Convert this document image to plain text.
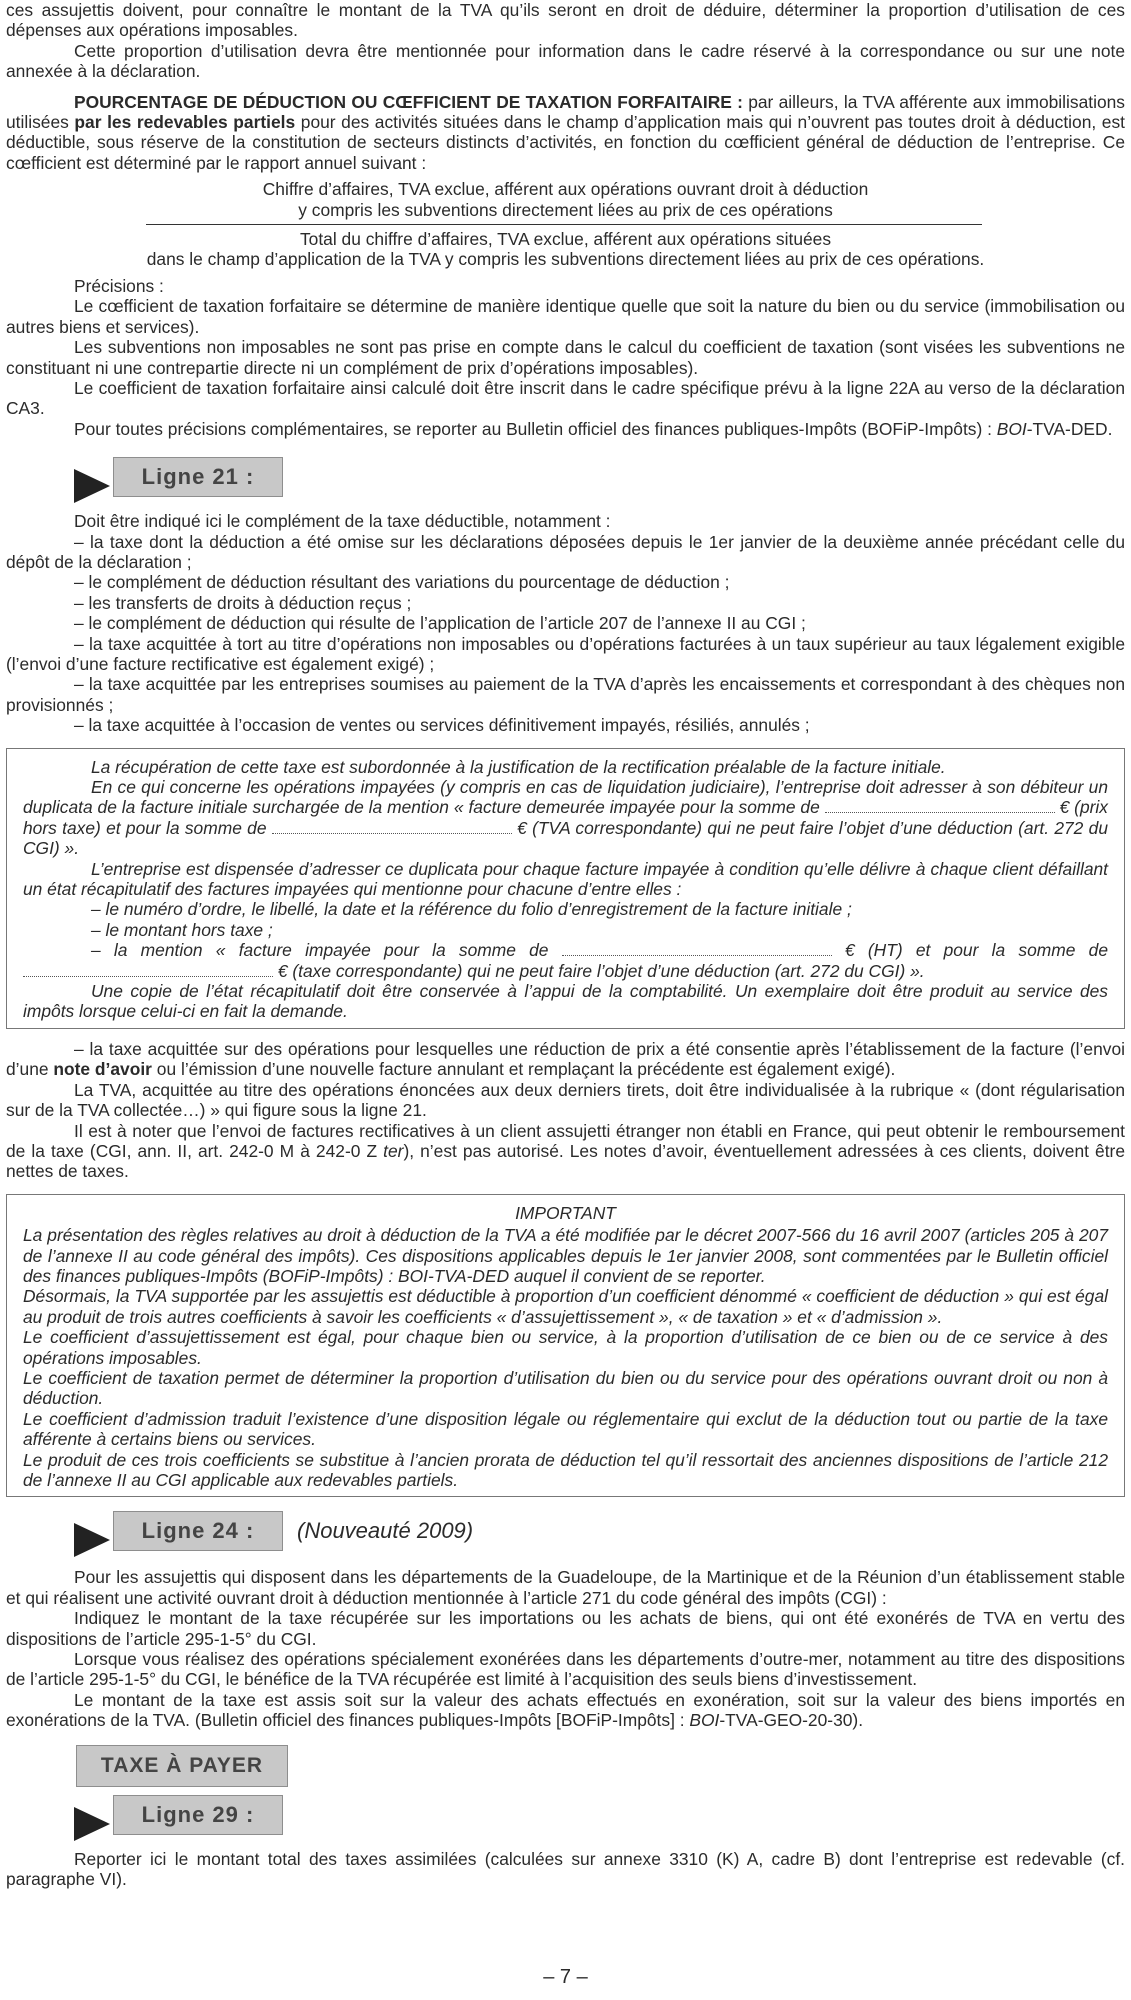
ces assujettis doivent, pour connaître le montant de la TVA qu’ils seront en droit de déduire, déterminer la proportion d’utilisation de ces dépenses aux opérations imposables.

Cette proportion d’utilisation devra être mentionnée pour information dans le cadre réservé à la correspondance ou sur une note annexée à la déclaration.

POURCENTAGE DE DÉDUCTION OU CŒFFICIENT DE TAXATION FORFAITAIRE : par ailleurs, la TVA afférente aux immobilisations utilisées par les redevables partiels pour des activités situées dans le champ d’application mais qui n’ouvrent pas toutes droit à déduction, est déductible, sous réserve de la constitution de secteurs distincts d’activités, en fonction du cœfficient général de déduction de l’entreprise. Ce cœfficient est déterminé par le rapport annuel suivant :

Chiffre d’affaires, TVA exclue, afférent aux opérations ouvrant droit à déduction
y compris les subventions directement liées au prix de ces opérations
Total du chiffre d’affaires, TVA exclue, afférent aux opérations situées
dans le champ d’application de la TVA y compris les subventions directement liées au prix de ces opérations.

Précisions :

Le cœfficient de taxation forfaitaire se détermine de manière identique quelle que soit la nature du bien ou du service (immobilisation ou autres biens et services).

Les subventions non imposables ne sont pas prise en compte dans le calcul du coefficient de taxation (sont visées les subventions ne constituant ni une contrepartie directe ni un complément de prix d’opérations imposables).

Le coefficient de taxation forfaitaire ainsi calculé doit être inscrit dans le cadre spécifique prévu à la ligne 22A au verso de la déclaration CA3.

Pour toutes précisions complémentaires, se reporter au Bulletin officiel des finances publiques-Impôts (BOFiP-Impôts) : BOI-TVA-DED.

Ligne 21 :

Doit être indiqué ici le complément de la taxe déductible, notamment :

– la taxe dont la déduction a été omise sur les déclarations déposées depuis le 1er janvier de la deuxième année précédant celle du dépôt de la déclaration ;

– le complément de déduction résultant des variations du pourcentage de déduction ;

– les transferts de droits à déduction reçus ;

– le complément de déduction qui résulte de l’application de l’article 207 de l’annexe II au CGI ;

– la taxe acquittée à tort au titre d’opérations non imposables ou d’opérations facturées à un taux supérieur au taux légalement exigible (l’envoi d’une facture rectificative est également exigé) ;

– la taxe acquittée par les entreprises soumises au paiement de la TVA d’après les encaissements et correspondant à des chèques non provisionnés ;

– la taxe acquittée à l’occasion de ventes ou services définitivement impayés, résiliés, annulés ;

La récupération de cette taxe est subordonnée à la justification de la rectification préalable de la facture initiale.

En ce qui concerne les opérations impayées (y compris en cas de liquidation judiciaire), l’entreprise doit adresser à son débiteur un duplicata de la facture initiale surchargée de la mention « facture demeurée impayée pour la somme de	€ (prix hors taxe) et pour la somme de	€ (TVA correspondante) qui ne peut faire l’objet d’une déduction (art. 272 du CGI) ».

L’entreprise est dispensée d’adresser ce duplicata pour chaque facture impayée à condition qu’elle délivre à chaque client défaillant un état récapitulatif des factures impayées qui mentionne pour chacune d’entre elles :

– le numéro d’ordre, le libellé, la date et la référence du folio d’enregistrement de la facture initiale ;

– le montant hors taxe ;

– la mention « facture impayée pour la somme de	€ (HT) et pour la somme de  € (taxe correspondante) qui ne peut faire l’objet d’une déduction (art. 272 du CGI) ».

Une copie de l’état récapitulatif doit être conservée à l’appui de la comptabilité. Un exemplaire doit être produit au service des impôts lorsque celui-ci en fait la demande.

– la taxe acquittée sur des opérations pour lesquelles une réduction de prix a été consentie après l’établissement de la facture (l’envoi d’une note d’avoir ou l’émission d’une nouvelle facture annulant et remplaçant la précédente est également exigé).

La TVA, acquittée au titre des opérations énoncées aux deux derniers tirets, doit être individualisée à la rubrique « (dont régularisation sur de la TVA collectée…) » qui figure sous la ligne 21.

Il est à noter que l’envoi de factures rectificatives à un client assujetti étranger non établi en France, qui peut obtenir le remboursement de la taxe (CGI, ann. II, art. 242-0 M à 242-0 Z ter), n’est pas autorisé. Les notes d’avoir, éventuellement adressées à ces clients, doivent être nettes de taxes.

IMPORTANT

La présentation des règles relatives au droit à déduction de la TVA a été modifiée par le décret 2007-566 du 16 avril 2007 (articles 205 à 207 de l’annexe II au code général des impôts). Ces dispositions applicables depuis le 1er janvier 2008, sont commentées par le Bulletin officiel des finances publiques-Impôts (BOFiP-Impôts) : BOI-TVA-DED auquel il convient de se reporter.

Désormais, la TVA supportée par les assujettis est déductible à proportion d’un coefficient dénommé « coefficient de déduction » qui est égal au produit de trois autres coefficients à savoir les coefficients « d’assujettissement », « de taxation » et « d’admission ».

Le coefficient d’assujettissement est égal, pour chaque bien ou service, à la proportion d’utilisation de ce bien ou de ce service à des opérations imposables.

Le coefficient de taxation permet de déterminer la proportion d’utilisation du bien ou du service pour des opérations ouvrant droit ou non à déduction.

Le coefficient d’admission traduit l’existence d’une disposition légale ou réglementaire qui exclut de la déduction tout ou partie de la taxe afférente à certains biens ou services.

Le produit de ces trois coefficients se substitue à l’ancien prorata de déduction tel qu’il ressortait des anciennes dispositions de l’article 212 de l’annexe II au CGI applicable aux redevables partiels.

Ligne 24 :	(Nouveauté 2009)

Pour les assujettis qui disposent dans les départements de la Guadeloupe, de la Martinique et de la Réunion d’un établissement stable et qui réalisent une activité ouvrant droit à déduction mentionnée à l’article 271 du code général des impôts (CGI) :

Indiquez le montant de la taxe récupérée sur les importations ou les achats de biens, qui ont été exonérés de TVA en vertu des dispositions de l’article 295-1-5° du CGI.

Lorsque vous réalisez des opérations spécialement exonérées dans les départements d’outre-mer, notamment au titre des dispositions de l’article 295-1-5° du CGI, le bénéfice de la TVA récupérée est limité à l’acquisition des seuls biens d’investissement.

Le montant de la taxe est assis soit sur la valeur des achats effectués en exonération, soit sur la valeur des biens importés en exonérations de la TVA. (Bulletin officiel des finances publiques-Impôts [BOFiP-Impôts] : BOI-TVA-GEO-20-30).

TAXE À PAYER
Ligne 29 :

Reporter ici le montant total des taxes assimilées (calculées sur annexe 3310 (K) A, cadre B) dont l’entreprise est redevable (cf. paragraphe VI).

– 7 –
